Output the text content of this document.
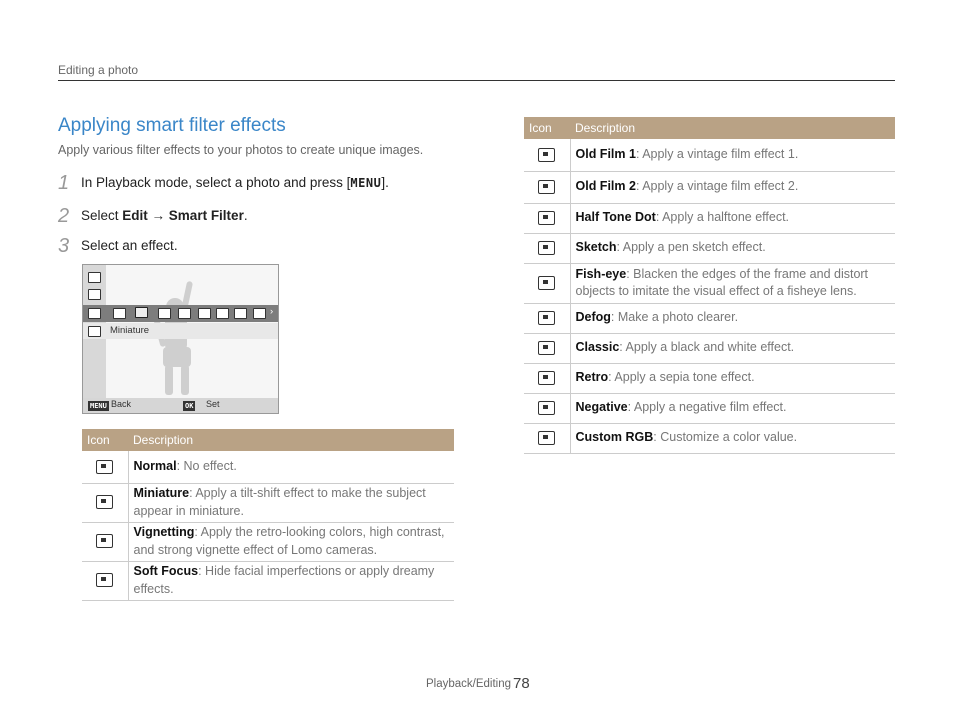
Editing a photo
Applying smart filter effects
Apply various filter effects to your photos to create unique images.
1 In Playback mode, select a photo and press [MENU].
2 Select Edit → Smart Filter.
3 Select an effect.
›
Miniature
MENU Back	OK Set
Icon	Description
	Normal: No effect.
	Miniature: Apply a tilt-shift effect to make the subject appear in miniature.
	Vignetting: Apply the retro-looking colors, high contrast, and strong vignette effect of Lomo cameras.
	Soft Focus: Hide facial imperfections or apply dreamy effects.
Icon	Description
	Old Film 1: Apply a vintage film effect 1.
	Old Film 2: Apply a vintage film effect 2.
	Half Tone Dot: Apply a halftone effect.
	Sketch: Apply a pen sketch effect.
	Fish-eye: Blacken the edges of the frame and distort objects to imitate the visual effect of a fisheye lens.
	Defog: Make a photo clearer.
	Classic: Apply a black and white effect.
	Retro: Apply a sepia tone effect.
	Negative: Apply a negative film effect.
	Custom RGB: Customize a color value.
Playback/Editing 78
